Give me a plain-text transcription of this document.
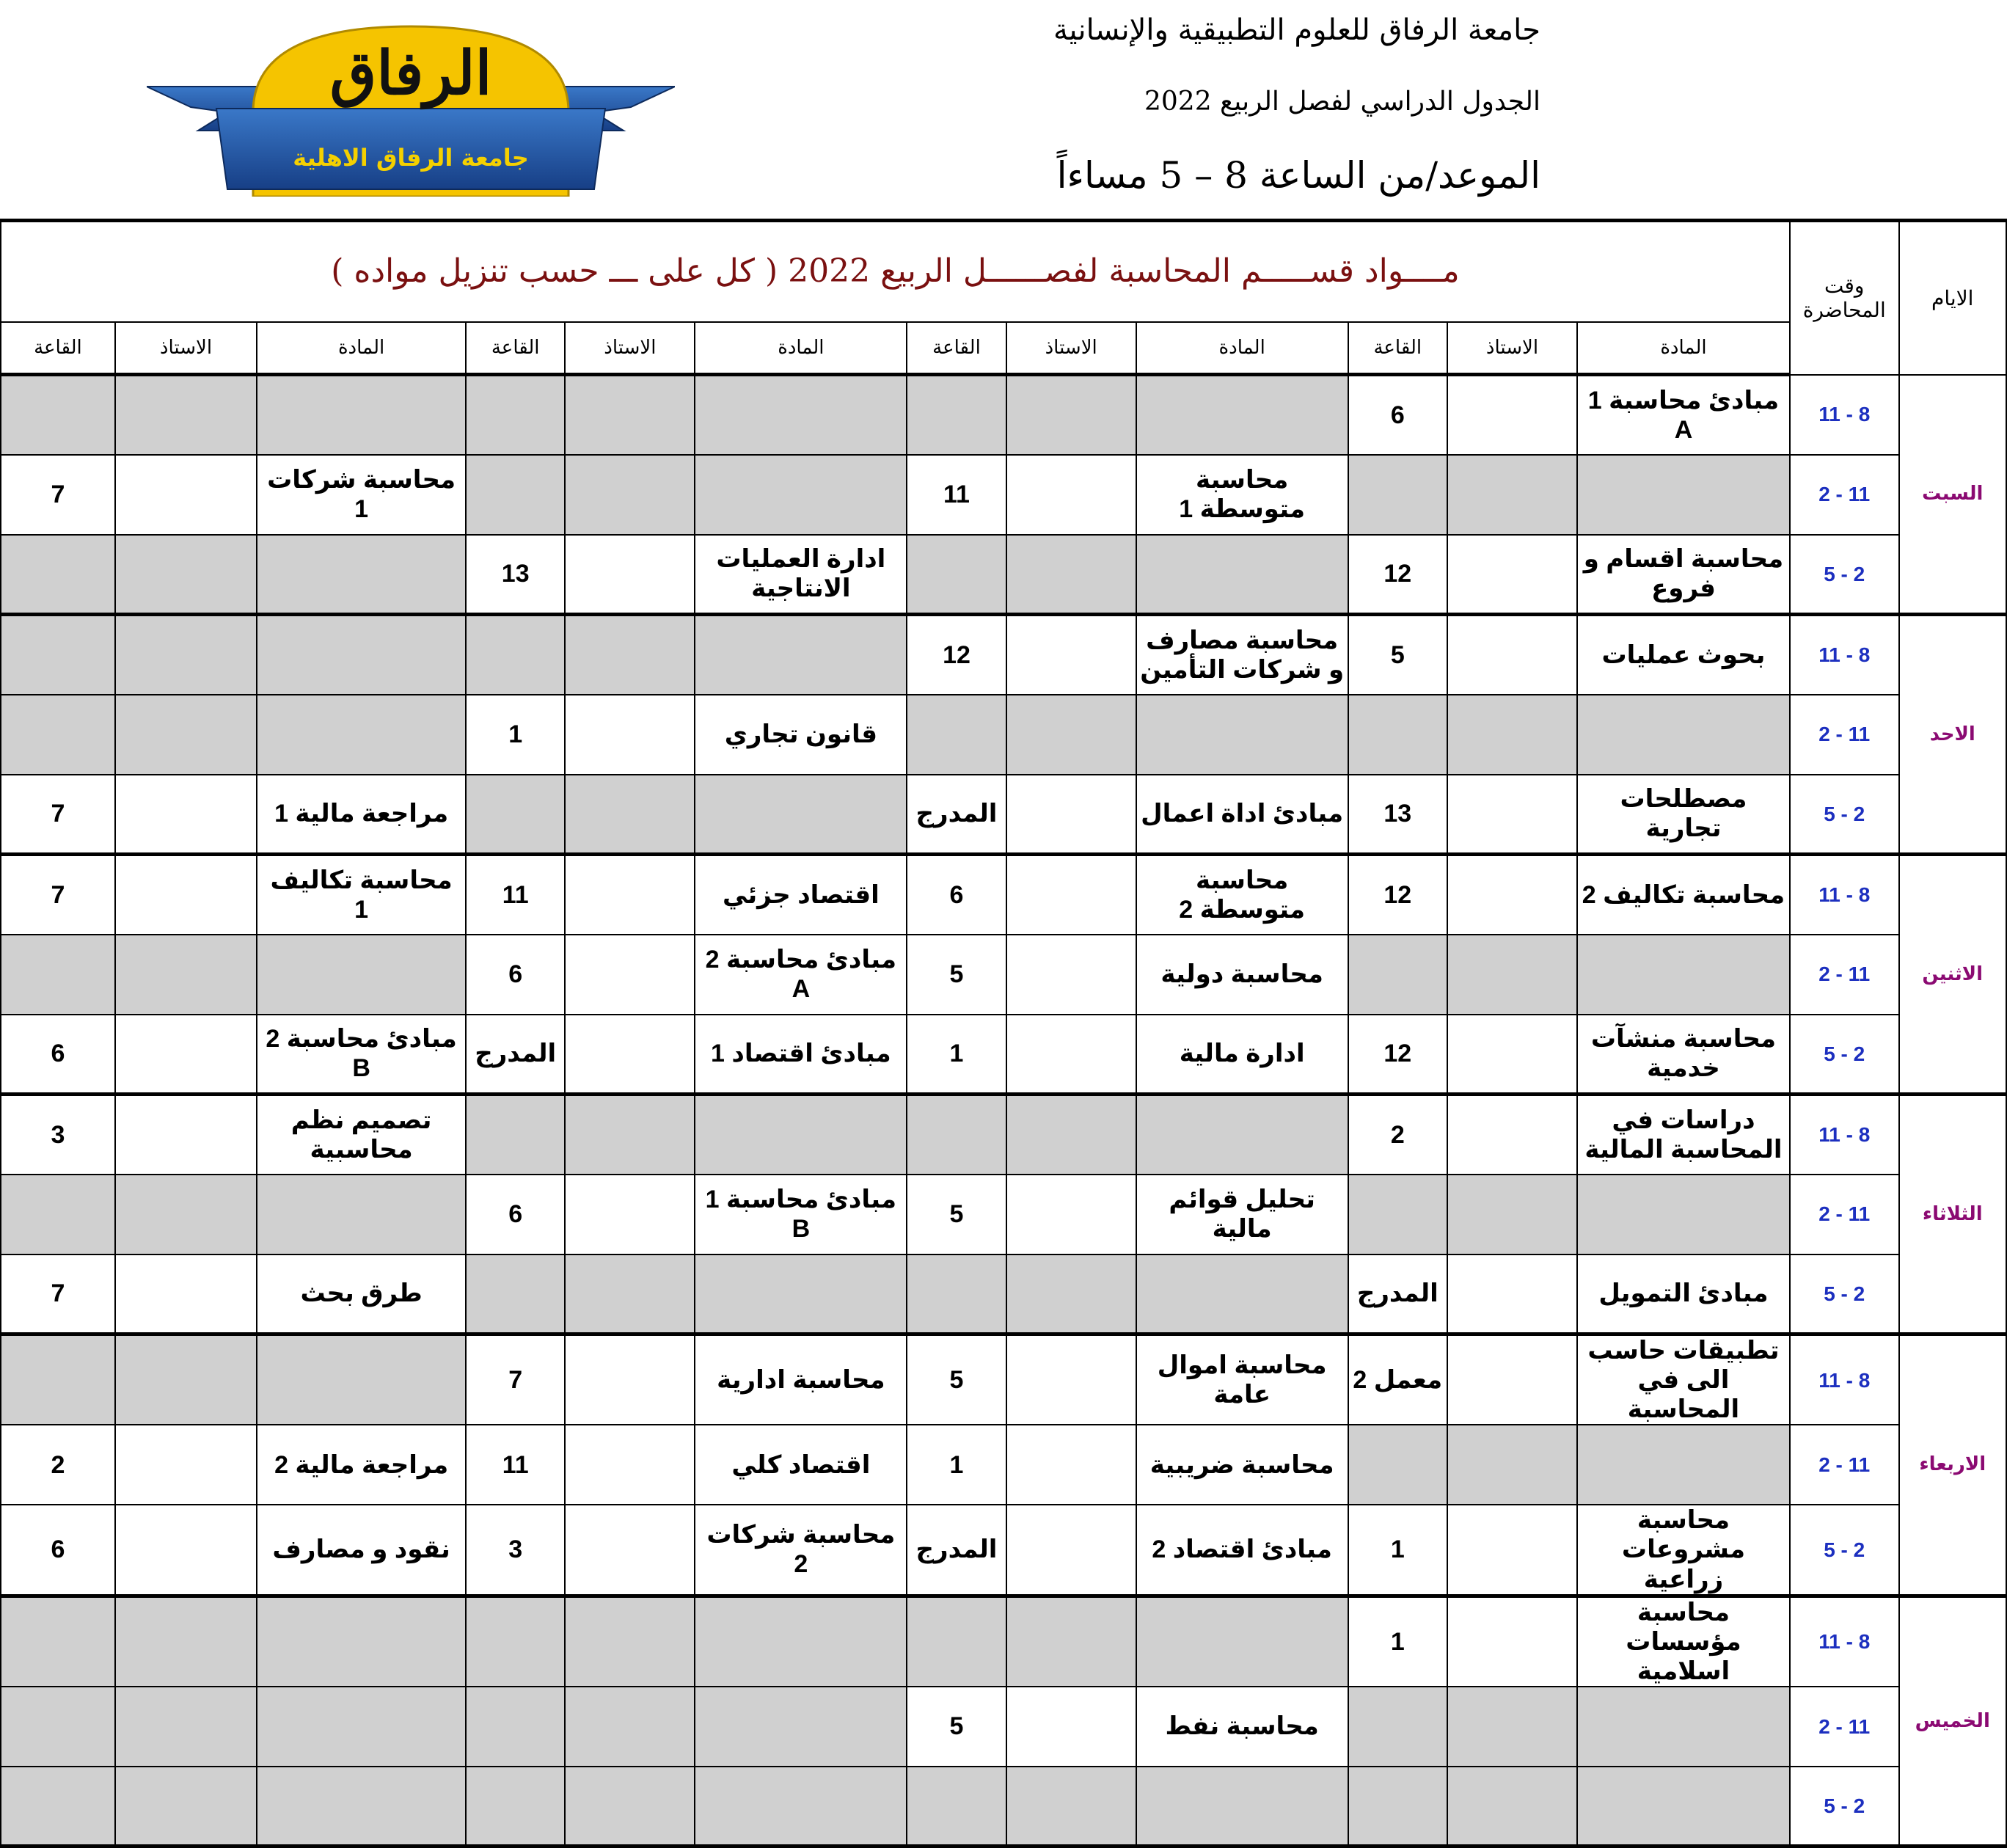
جامعة الرفاق للعلوم التطبيقية والإنسانية
الجدول الدراسي لفصل الربيع 2022
الموعد/من الساعة 8 – 5 مساءاً
الرفاق
جامعة الرفاق الاهلية
الايام	وقت المحاضرة	مــــواد قســـــم المحاسبة لفصــــــل الربيع 2022 ( كل على ـــ حسب تنزيل مواده )											
		المادة	الاستاذ	القاعة	المادة	الاستاذ	القاعة	المادة	الاستاذ	القاعة	المادة	الاستاذ	القاعة
السبت	8 - 11	مبادئ محاسبة 1 A		6									
	11 - 2				محاسبة متوسطة 1		11				محاسبة شركات 1		7
	2 - 5	محاسبة اقسام و فروع		12				ادارة العمليات الانتاجية		13			
الاحد	8 - 11	بحوث عمليات		5	محاسبة مصارف و شركات التأمين		12						
	11 - 2							قانون تجاري		1			
	2 - 5	مصطلحات تجارية		13	مبادئ اداة اعمال		المدرج				مراجعة مالية 1		7
الاثنين	8 - 11	محاسبة تكاليف 2		12	محاسبة متوسطة 2		6	اقتصاد جزئي		11	محاسبة تكاليف 1		7
	11 - 2				محاسبة دولية		5	مبادئ محاسبة 2 A		6			
	2 - 5	محاسبة منشآت خدمية		12	ادارة مالية		1	مبادئ اقتصاد 1		المدرج	مبادئ محاسبة 2 B		6
الثلاثاء	8 - 11	دراسات في المحاسبة المالية		2							تصميم نظم محاسبية		3
	11 - 2				تحليل قوائم مالية		5	مبادئ محاسبة 1 B		6			
	2 - 5	مبادئ التمويل		المدرج							طرق بحث		7
الاربعاء	8 - 11	تطبيقات حاسب الى في المحاسبة		معمل 2	محاسبة اموال عامة		5	محاسبة ادارية		7			
	11 - 2				محاسبة ضريبية		1	اقتصاد كلي		11	مراجعة مالية 2		2
	2 - 5	محاسبة مشروعات زراعية		1	مبادئ اقتصاد 2		المدرج	محاسبة شركات 2		3	نقود و مصارف		6
الخميس	8 - 11	محاسبة مؤسسات اسلامية		1									
	11 - 2				محاسبة نفط		5						
	2 - 5												
